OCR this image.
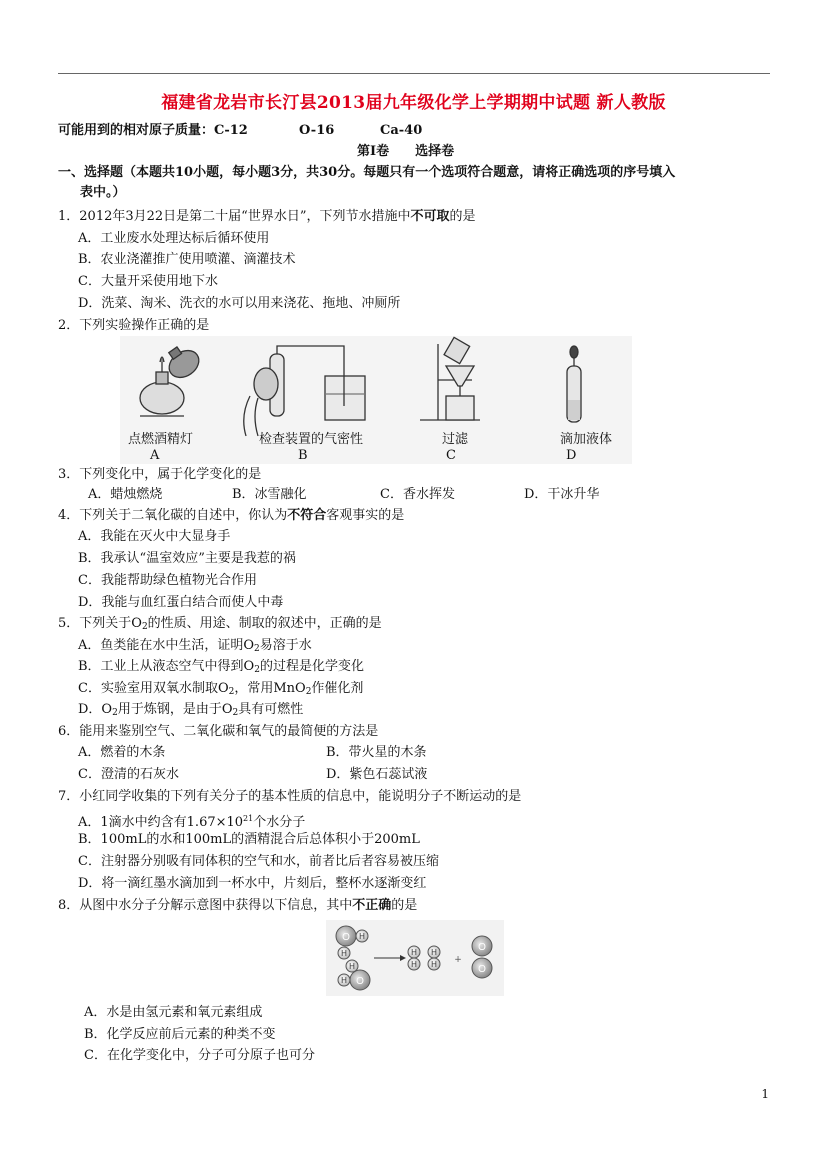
福建省龙岩市长汀县2013届九年级化学上学期期中试题 新人教版
可能用到的相对原子质量：C-12	O-16	Ca-40
第Ⅰ卷　　选择卷
一、选择题（本题共10小题，每小题3分，共30分。每题只有一个选项符合题意，请将正确选项的序号填入
表中。）
1．2012年3月22日是第二十届“世界水日”，下列节水措施中不可取的是
A．工业废水处理达标后循环使用
B．农业浇灌推广使用喷灌、滴灌技术
C．大量开采使用地下水
D．洗菜、淘米、洗衣的水可以用来浇花、拖地、冲厕所
2．下列实验操作正确的是
点燃酒精灯	检查装置的气密性	过滤	滴加液体
A	B	C	D
3．下列变化中，属于化学变化的是
A．蜡烛燃烧	B．冰雪融化	C．香水挥发	D．干冰升华
4．下列关于二氧化碳的自述中，你认为不符合客观事实的是
A．我能在灭火中大显身手
B．我承认“温室效应”主要是我惹的祸
C．我能帮助绿色植物光合作用
D．我能与血红蛋白结合而使人中毒
5．下列关于$O_2$的性质、用途、制取的叙述中，正确的是
A．鱼类能在水中生活，证明$O_2$易溶于水
B．工业上从液态空气中得到$O_2$的过程是化学变化
C．实验室用双氧水制取$O_2$，常用MnO$_2$作催化剂
D．$O_2$用于炼钢，是由于$O_2$具有可燃性
6．能用来鉴别空气、二氧化碳和氧气的最简便的方法是
A．燃着的木条	B．带火星的木条
C．澄清的石灰水	D．紫色石蕊试液
7．小红同学收集的下列有关分子的基本性质的信息中，能说明分子不断运动的是
A．1滴水中约含有$1.67\times 10^{21}$个水分子
B．100mL的水和100mL的酒精混合后总体积小于200mL
C．注射器分别吸有同体积的空气和水，前者比后者容易被压缩
D．将一滴红墨水滴加到一杯水中，片刻后，整杯水逐渐变红
8．从图中水分子分解示意图中获得以下信息，其中不正确的是
O H
H
H
H O
H
H
H
H +
O
O
A．水是由氢元素和氧元素组成
B．化学反应前后元素的种类不变
C．在化学变化中，分子可分原子也可分
1
